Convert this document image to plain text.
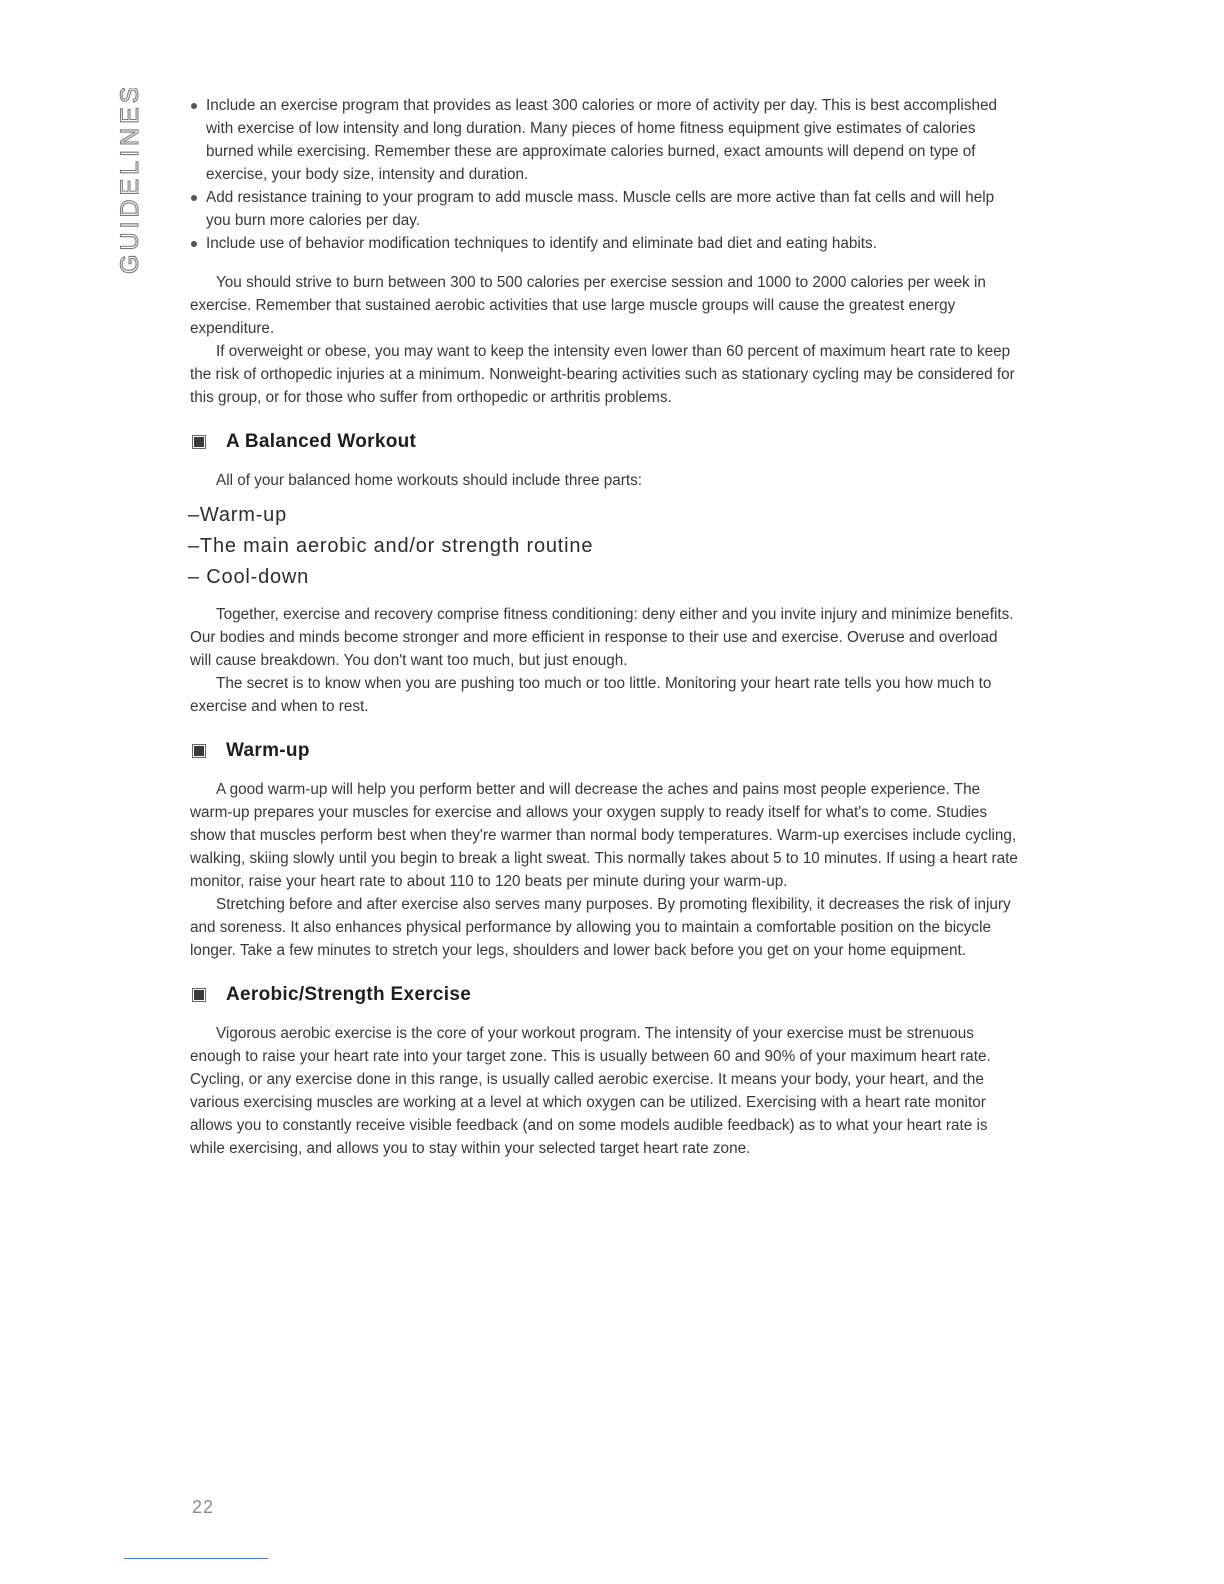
GUIDELINES	Include an exercise program that provides as least 300 calories or more of activity per day. This is best accomplished with exercise of low intensity and long duration. Many pieces of home fitness equipment give estimates of calories burned while exercising. Remember these are approximate calories burned, exact amounts will depend on type of exercise, your body size, intensity and duration.
Add resistance training to your program to add muscle mass. Muscle cells are more active than fat cells and will help you burn more calories per day.
Include use of behavior modification techniques to identify and eliminate bad diet and eating habits.

You should strive to burn between 300 to 500 calories per exercise session and 1000 to 2000 calories per week in exercise. Remember that sustained aerobic activities that use large muscle groups will cause the greatest energy expenditure.

If overweight or obese, you may want to keep the intensity even lower than 60 percent of maximum heart rate to keep the risk of orthopedic injuries at a minimum. Nonweight-bearing activities such as stationary cycling may be considered for this group, or for those who suffer from orthopedic or arthritis problems.

A Balanced Workout

All of your balanced home workouts should include three parts:

–Warm-up
–The main aerobic and/or strength routine
– Cool-down

Together, exercise and recovery comprise fitness conditioning: deny either and you invite injury and minimize benefits. Our bodies and minds become stronger and more efficient in response to their use and exercise. Overuse and overload will cause breakdown. You don't want too much, but just enough.

The secret is to know when you are pushing too much or too little. Monitoring your heart rate tells you how much to exercise and when to rest.

Warm-up

A good warm-up will help you perform better and will decrease the aches and pains most people experience. The warm-up prepares your muscles for exercise and allows your oxygen supply to ready itself for what's to come. Studies show that muscles perform best when they're warmer than normal body temperatures. Warm-up exercises include cycling, walking, skiing slowly until you begin to break a light sweat. This normally takes about 5 to 10 minutes. If using a heart rate monitor, raise your heart rate to about 110 to 120 beats per minute during your warm-up.

Stretching before and after exercise also serves many purposes. By promoting flexibility, it decreases the risk of injury and soreness. It also enhances physical performance by allowing you to maintain a comfortable position on the bicycle longer. Take a few minutes to stretch your legs, shoulders and lower back before you get on your home equipment.

Aerobic/Strength Exercise

Vigorous aerobic exercise is the core of your workout program. The intensity of your exercise must be strenuous enough to raise your heart rate into your target zone. This is usually between 60 and 90% of your maximum heart rate. Cycling, or any exercise done in this range, is usually called aerobic exercise. It means your body, your heart, and the various exercising muscles are working at a level at which oxygen can be utilized. Exercising with a heart rate monitor allows you to constantly receive visible feedback (and on some models audible feedback) as to what your heart rate is while exercising, and allows you to stay within your selected target heart rate zone.

22
